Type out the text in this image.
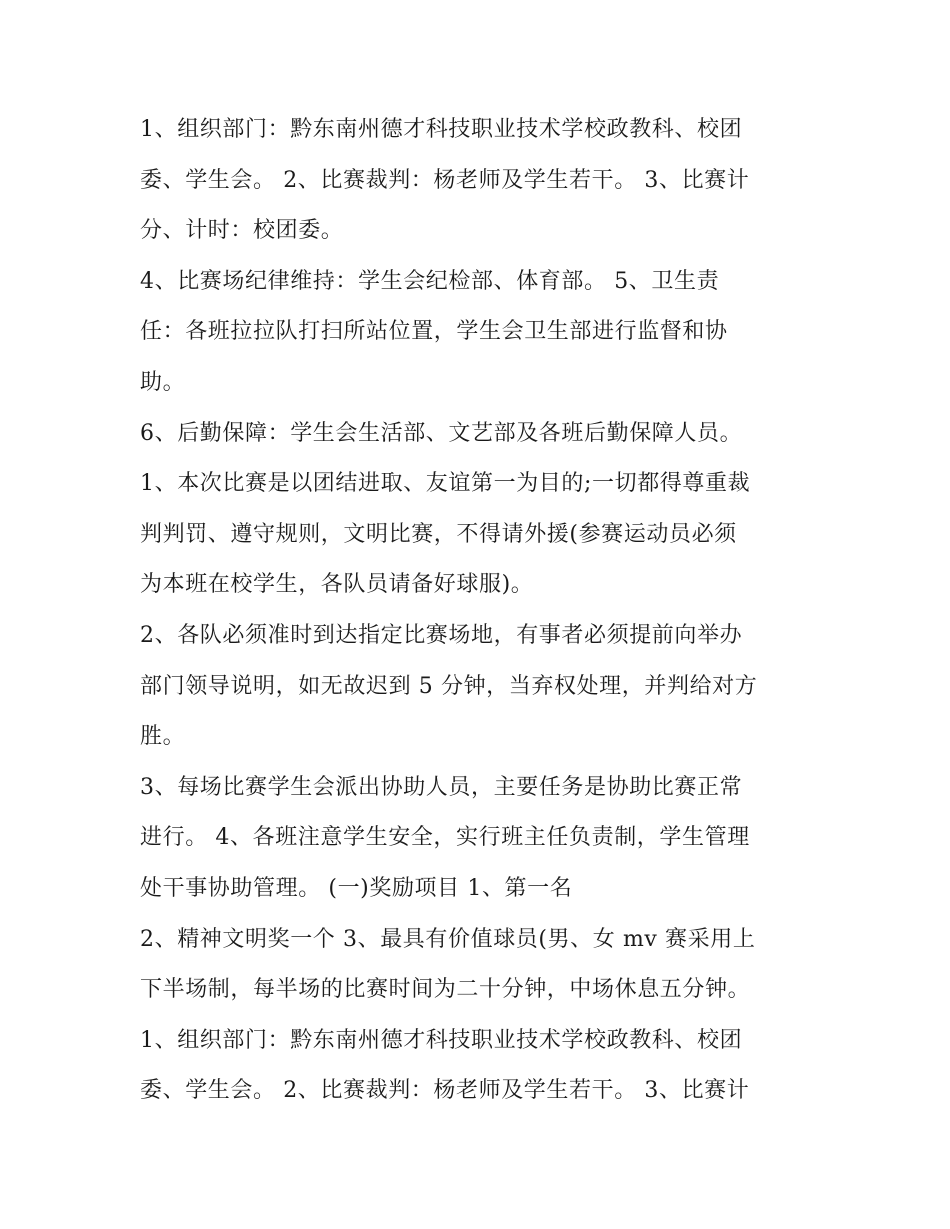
1、组织部门：黔东南州德才科技职业技术学校政教科、校团
委、学生会。 2、比赛裁判：杨老师及学生若干。 3、比赛计
分、计时：校团委。
4、比赛场纪律维持：学生会纪检部、体育部。 5、卫生责
任：各班拉拉队打扫所站位置，学生会卫生部进行监督和协
助。
6、后勤保障：学生会生活部、文艺部及各班后勤保障人员。
1、本次比赛是以团结进取、友谊第一为目的;一切都得尊重裁
判判罚、遵守规则，文明比赛，不得请外援(参赛运动员必须
为本班在校学生，各队员请备好球服)。
2、各队必须准时到达指定比赛场地，有事者必须提前向举办
部门领导说明，如无故迟到 5 分钟，当弃权处理，并判给对方
胜。
3、每场比赛学生会派出协助人员，主要任务是协助比赛正常
进行。 4、各班注意学生安全，实行班主任负责制，学生管理
处干事协助管理。 (一)奖励项目 1、第一名
2、精神文明奖一个 3、最具有价值球员(男、女 mv 赛采用上
下半场制，每半场的比赛时间为二十分钟，中场休息五分钟。
1、组织部门：黔东南州德才科技职业技术学校政教科、校团
委、学生会。 2、比赛裁判：杨老师及学生若干。 3、比赛计
